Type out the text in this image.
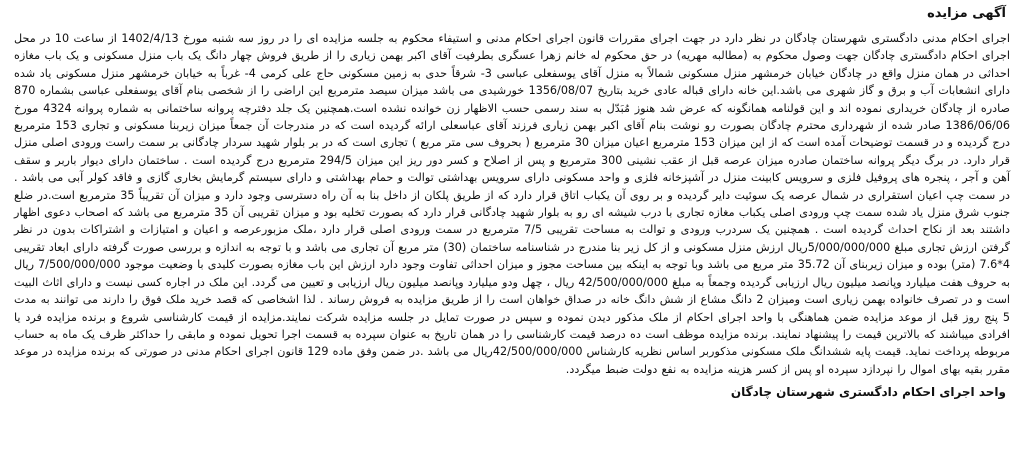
آگهی مزایده
اجرای احکام مدنی دادگستری شهرستان چادگان در نظر دارد در جهت اجرای مقررات قانون اجرای احکام مدنی و استیفاء محکوم به جلسه مزایده ای را در روز سه شنبه مورخ 1402/4/13 از ساعت 10 در محل اجرای احکام دادگستری چادگان جهت وصول محکوم به (مطالبه مهریه) در حق محکوم له خانم زهرا عسگری بطرفیت آقای اکبر بهمن زیاری را از طریق فروش چهار دانگ یک باب منزل مسکونی و یک باب مغازه احداثی در همان منزل واقع در چادگان خیابان خرمشهر منزل مسکونی شمالاً به منزل آقای یوسفعلی عباسی 3- شرقاً حدی به زمین مسکونی حاج علی کرمی 4- غرباً به خیابان خرمشهر منزل مسکونی یاد شده دارای انشعابات آب و برق و گاز شهری می باشد.این خانه دارای قباله عادی خرید بتاریخ 1356/08/07 خورشیدی می باشد میزان سیصد مترمربع این اراضی را از شخصی بنام آقای یوسفعلی عباسی بشماره 870 صادره از چادگان خریداری نموده اند و این قولنامه همانگونه که عرض شد هنوز مُبَدّل به سند رسمی حسب الاظهار زن خوانده نشده است.همچنین یک جلد دفترچه پروانه ساختمانی به شماره پروانه 4324 مورخ 1386/06/06 صادر شده از شهرداری محترم چادگان بصورت رو نوشت بنام آقای اکبر بهمن زیاری فرزند آقای عباسعلی ارائه گردیده است که در مندرجات آن جمعاً میزان زیربنا مسکونی و تجاری 153 مترمربع درج گردیده و در قسمت توضیحات آمده است که از این میزان 153 مترمربع اعیان میزان 30 مترمربع ( بحروف سی متر مربع ) تجاری است که در بر بلوار شهید سردار چادگانی بر سمت راست ورودی اصلی منزل قرار دارد. در برگ دیگر پروانه ساختمان صادره میزان عرصه قبل از عقب نشینی 300 مترمربع و پس از اصلاح و کسر دور ریز این میزان 294/5 مترمربع درج گردیده است . ساختمان دارای دیوار باربر و سقف آهن و آجر ، پنجره های پروفیل فلزی و سرویس کابینت منزل در آشپزخانه فلزی و واحد مسکونی دارای سرویس بهداشتی توالت و حمام بهداشتی و دارای سیستم گرمایش بخاری گازی و فاقد کولر آبی می باشد . در سمت چپ اعیان استقراری در شمال عرصه یک سوئیت دایر گردیده و بر روی آن یکباب اتاق قرار دارد که از طریق پلکان از داخل بنا به آن راه دسترسی وجود دارد و میزان آن تقریباً 35 مترمربع است.در ضلع جنوب شرق منزل یاد شده سمت چپ ورودی اصلی یکباب مغازه تجاری با درب شیشه ای رو به بلوار شهید چادگانی قرار دارد که بصورت تخلیه بود و میزان تقریبی آن 35 مترمربع می باشد که اصحاب دعوی اظهار داشتند بعد از نکاح احداث گردیده است . همچنین یک سردرب ورودی و توالت به مساحت تقریبی 7/5 مترمربع در سمت ورودی اصلی قرار دارد ،ملک مزبورعرصه و اعیان و امتیازات و اشتراکات بدون در نظر گرفتن ارزش تجاری مبلغ 5/000/000/000ریال ارزش منزل مسکونی و از کل زیر بنا مندرج در شناسنامه ساختمان (30) متر مربع آن تجاری می باشد و با توجه به اندازه و بررسی صورت گرفته دارای ابعاد تقریبی 4*7.6 (متر) بوده و میزان زیربنای آن 35.72 متر مربع می باشد وبا توجه به اینکه بین مساحت مجوز و میزان احداثی تفاوت وجود دارد ارزش این باب مغازه بصورت کلیدی با وضعیت موجود 7/500/000/000 ریال به حروف هفت میلیارد وپانصد میلیون ریال ارزیابی گردیده وجمعاً به مبلغ 42/500/000/000 ریال ، چهل ودو میلیارد وپانصد میلیون ریال ارزیابی و تعیین می گردد. این ملک در اجاره کسی نیست و دارای اثاث البیت است و در تصرف خانواده بهمن زیاری است ومیزان 2 دانگ مشاع از شش دانگ خانه در صداق خواهان است را از طریق مزایده به فروش رساند . لذا اشخاصی که قصد خرید ملک فوق را دارند می توانند به مدت 5 پنج روز قبل از موعد مزایده ضمن هماهنگی با واحد اجرای احکام از ملک مذکور دیدن نموده و سپس در صورت تمایل در جلسه مزایده شرکت نمایند.مزایده از قیمت کارشناسی شروع و برنده مزایده فرد یا افرادی میباشند که بالاترین قیمت را پیشنهاد نمایند. برنده مزایده موظف است ده درصد قیمت کارشناسی را در همان تاریخ به عنوان سپرده به قسمت اجرا تحویل نموده و مابقی را حداکثر ظرف یک ماه به حساب مربوطه پرداخت نماید. قیمت پایه ششدانگ ملک مسکونی مذکوربر اساس نظریه کارشناس 42/500/000/000ریال می باشد .در ضمن وفق ماده 129 قانون اجرای احکام مدنی در صورتی که برنده مزایده در موعد مقرر بقیه بهای اموال را نپردازد سپرده او پس از کسر هزینه مزایده به نفع دولت ضبط میگردد.
واحد اجرای احکام دادگستری شهرستان چادگان
